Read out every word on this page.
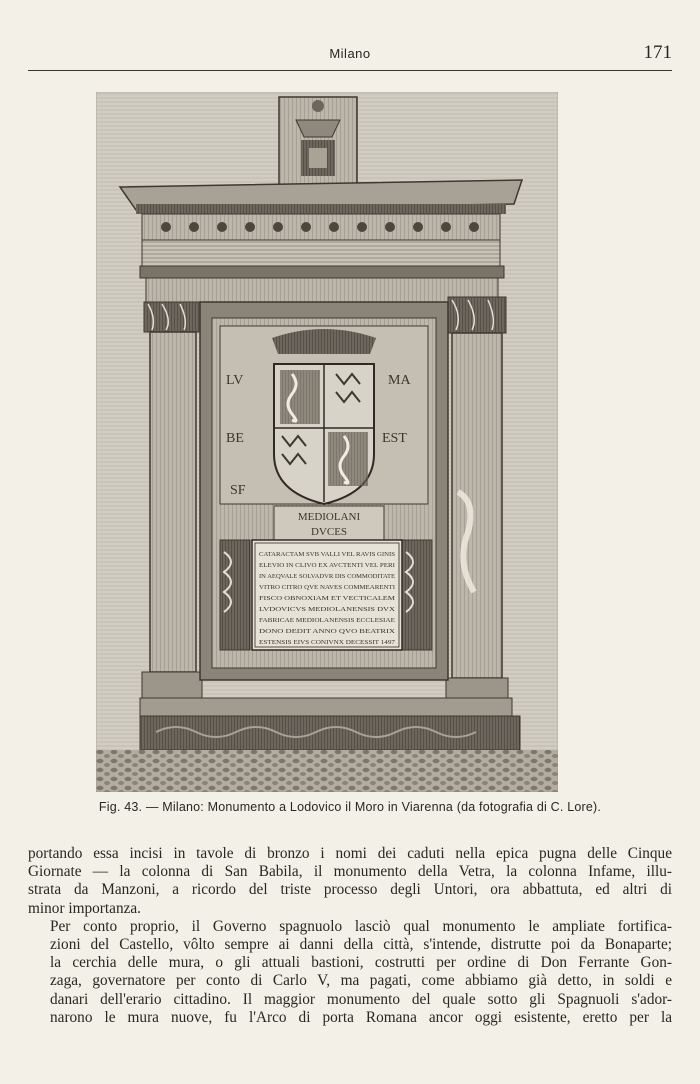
Milano	171
LV
BE
SF
MA
EST
MEDIOLANI
DVCES
CATARACTAM SVB VALLI VEL RAVIS GINIS
ELEVIO IN CLIVO EX AVCTENTI VEL PERI
IN AEQVALE SOLVADVR DIS COMMODITATE
VITRO CITRO QVE NAVES COMMEARENTI
FISCO OBNOXIAM ET VECTICALEM
LVDOVICVS MEDIOLANENSIS DVX
FABRICAE MEDIOLANENSIS ECCLESIAE
DONO DEDIT ANNO QVO BEATRIX
ESTENSIS EIVS CONIVNX DECESSIT 1497
Fig. 43. — Milano: Monumento a Lodovico il Moro in Viarenna (da fotografia di C. Lore).

portando essa incisi in tavole di bronzo i nomi dei caduti nella epica pugna delle Cinque
Giornate — la colonna di San Babila, il monumento della Vetra, la colonna Infame, illu-
strata da Manzoni, a ricordo del triste processo degli Untori, ora abbattuta, ed altri di
minor importanza.

Per conto proprio, il Governo spagnuolo lasciò qual monumento le ampliate fortifica-
zioni del Castello, vôlto sempre ai danni della città, s'intende, distrutte poi da Bonaparte;
la cerchia delle mura, o gli attuali bastioni, costrutti per ordine di Don Ferrante Gon-
zaga, governatore per conto di Carlo V, ma pagati, come abbiamo già detto, in soldi e
danari dell'erario cittadino. Il maggior monumento del quale sotto gli Spagnuoli s'ador-
narono le mura nuove, fu l'Arco di porta Romana ancor oggi esistente, eretto per la
